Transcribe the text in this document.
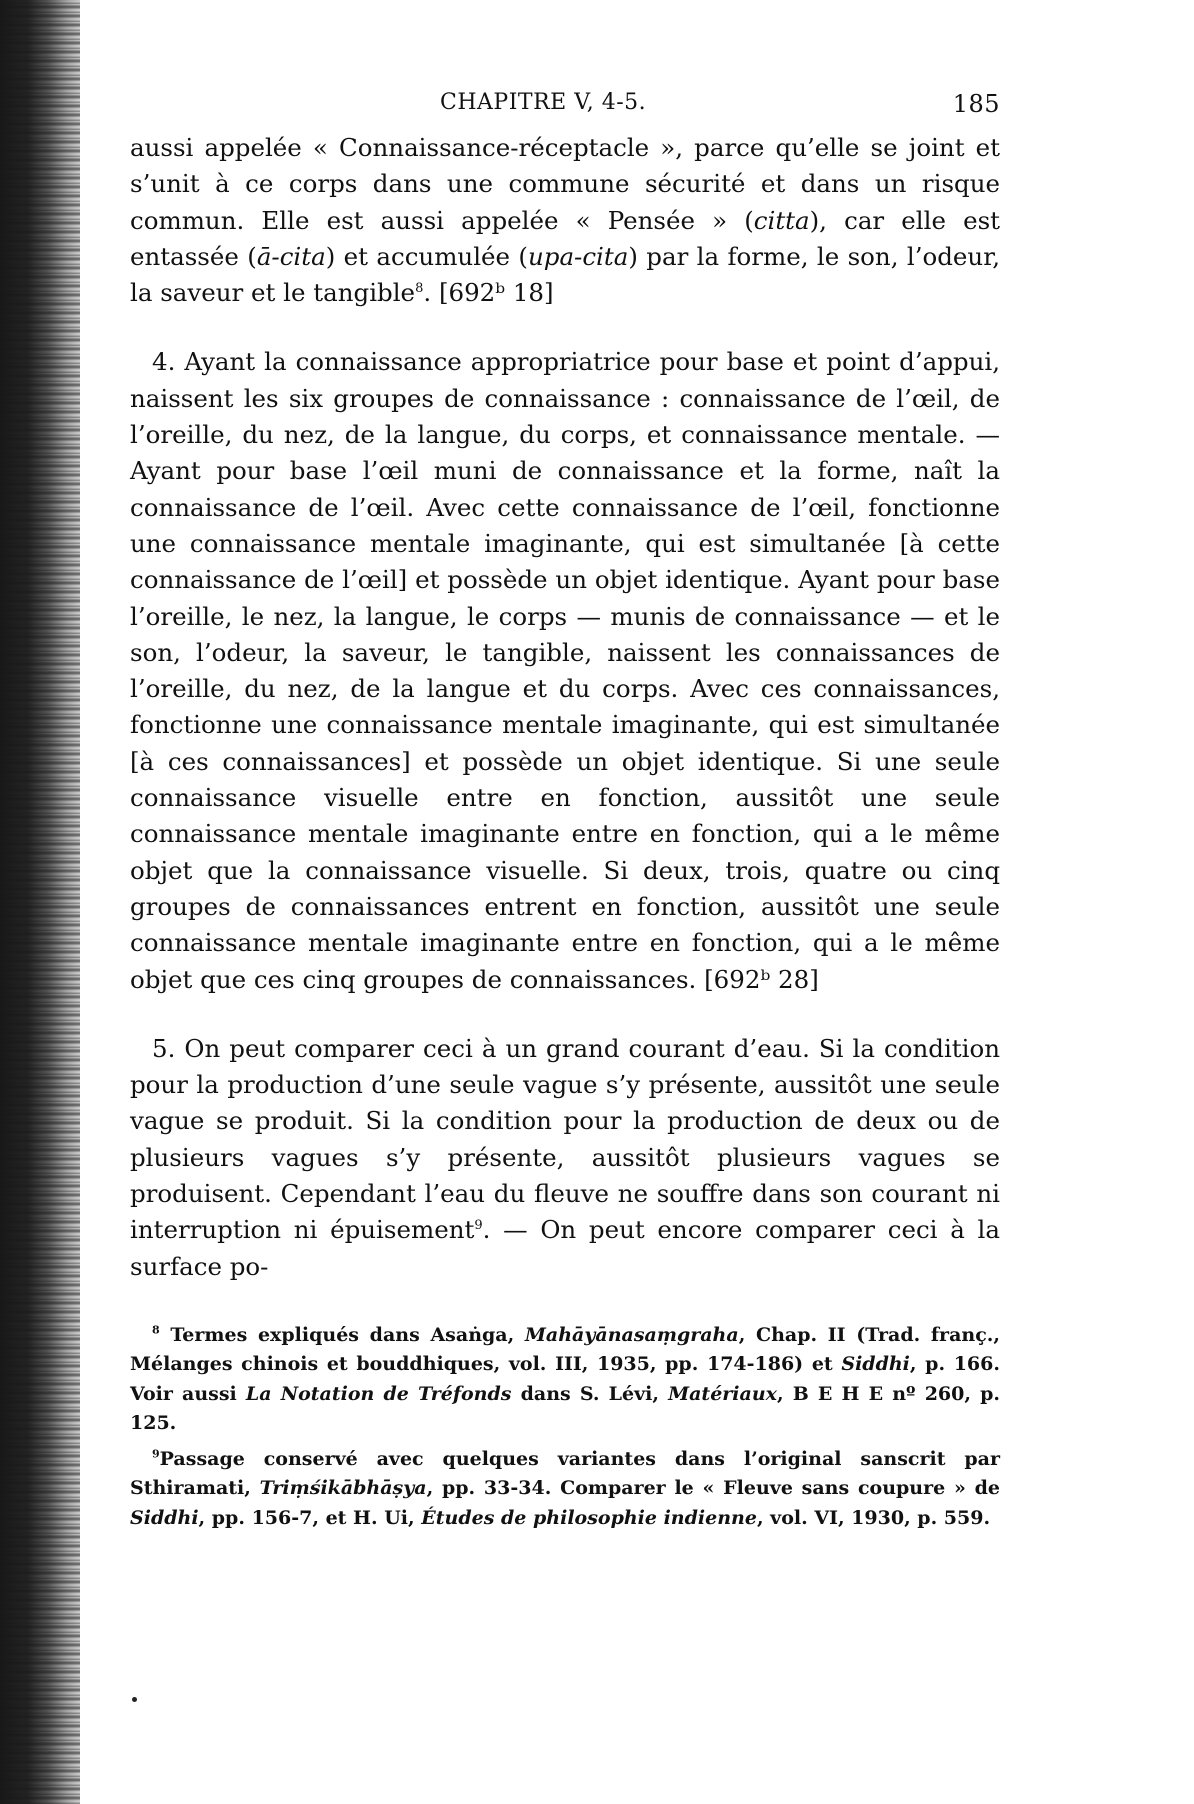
CHAPITRE V, 4-5.	185

aussi appelée « Connaissance-réceptacle », parce qu’elle se joint et s’unit à ce corps dans une commune sécurité et dans un risque commun. Elle est aussi appelée « Pensée » (citta), car elle est entassée (ā-cita) et accumulée (upa-cita) par la forme, le son, l’odeur, la saveur et le tangible$^8$. [692ᵇ 18]

4. Ayant la connaissance appropriatrice pour base et point d’appui, naissent les six groupes de connaissance : connaissance de l’œil, de l’oreille, du nez, de la langue, du corps, et connaissance mentale. — Ayant pour base l’œil muni de connaissance et la forme, naît la connaissance de l’œil. Avec cette connaissance de l’œil, fonctionne une connaissance mentale imaginante, qui est simultanée [à cette connaissance de l’œil] et possède un objet identique. Ayant pour base l’oreille, le nez, la langue, le corps — munis de connaissance — et le son, l’odeur, la saveur, le tangible, naissent les connaissances de l’oreille, du nez, de la langue et du corps. Avec ces connaissances, fonctionne une connaissance mentale imaginante, qui est simultanée [à ces connaissances] et possède un objet identique. Si une seule connaissance visuelle entre en fonction, aussitôt une seule connaissance mentale imaginante entre en fonction, qui a le même objet que la connaissance visuelle. Si deux, trois, quatre ou cinq groupes de connaissances entrent en fonction, aussitôt une seule connaissance mentale imaginante entre en fonction, qui a le même objet que ces cinq groupes de connaissances. [692ᵇ 28]

5. On peut comparer ceci à un grand courant d’eau. Si la condition pour la production d’une seule vague s’y présente, aussitôt une seule vague se produit. Si la condition pour la production de deux ou de plusieurs vagues s’y présente, aussitôt plusieurs vagues se produisent. Cependant l’eau du fleuve ne souffre dans son courant ni interruption ni épuisement$^9$. — On peut encore comparer ceci à la surface po-

$^8$ Termes expliqués dans Asaṅga, Mahāyānasaṃgraha, Chap. II (Trad. franç., Mélanges chinois et bouddhiques, vol. III, 1935, pp. 174-186) et Siddhi, p. 166. Voir aussi La Notation de Tréfonds dans S. Lévi, Matériaux, B E H E nº 260, p. 125.

$^9$Passage conservé avec quelques variantes dans l’original sanscrit par Sthiramati, Triṃśikābhāṣya, pp. 33-34. Comparer le « Fleuve sans coupure » de Siddhi, pp. 156-7, et H. Ui, Études de philosophie indienne, vol. VI, 1930, p. 559.
